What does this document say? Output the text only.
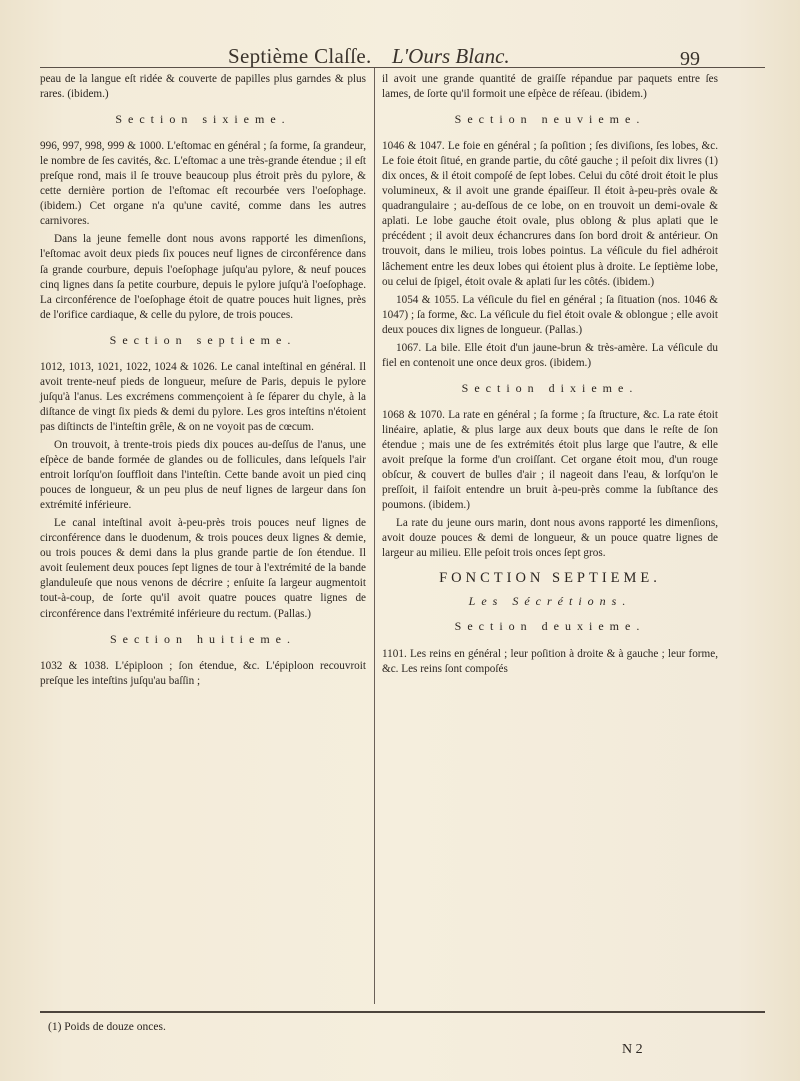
Septième Claſſe. L'Ours Blanc.	99

peau de la langue eſt ridée & couverte de papilles plus garndes & plus rares. (ibidem.)

Section sixieme.

996, 997, 998, 999 & 1000. L'eſtomac en général ; ſa forme, ſa grandeur, le nombre de ſes cavités, &c. L'eſtomac a une très-grande étendue ; il eſt preſque rond, mais il ſe trouve beaucoup plus étroit près du pylore, & cette dernière portion de l'eſtomac eſt recourbée vers l'oeſophage. (ibidem.) Cet organe n'a qu'une cavité, comme dans les autres carnivores.

Dans la jeune femelle dont nous avons rapporté les dimenſions, l'eſtomac avoit deux pieds ſix pouces neuf lignes de circonférence dans ſa grande courbure, depuis l'oeſophage juſqu'au pylore, & neuf pouces cinq lignes dans ſa petite courbure, depuis le pylore juſqu'à l'oeſophage. La circonférence de l'oeſophage étoit de quatre pouces huit lignes, près de l'orifice cardiaque, & celle du pylore, de trois pouces.

Section septieme.

1012, 1013, 1021, 1022, 1024 & 1026. Le canal inteſtinal en général. Il avoit trente-neuf pieds de longueur, meſure de Paris, depuis le pylore juſqu'à l'anus. Les excrémens commençoient à ſe ſéparer du chyle, à la diſtance de vingt ſix pieds & demi du pylore. Les gros inteſtins n'étoient pas diſtincts de l'inteſtin grêle, & on ne voyoit pas de cœcum.

On trouvoit, à trente-trois pieds dix pouces au-deſſus de l'anus, une eſpèce de bande formée de glandes ou de follicules, dans leſquels l'air entroit lorſqu'on ſouffloit dans l'inteſtin. Cette bande avoit un pied cinq pouces de longueur, & un peu plus de neuf lignes de largeur dans ſon extrémité inférieure.

Le canal inteſtinal avoit à-peu-près trois pouces neuf lignes de circonférence dans le duodenum, & trois pouces deux lignes & demie, ou trois pouces & demi dans la plus grande partie de ſon étendue. Il avoit ſeulement deux pouces ſept lignes de tour à l'extrémité de la bande glanduleuſe que nous venons de décrire ; enſuite ſa largeur augmentoit tout-à-coup, de ſorte qu'il avoit quatre pouces quatre lignes de circonférence dans l'extrémité inférieure du rectum. (Pallas.)

Section huitieme.

1032 & 1038. L'épiploon ; ſon étendue, &c. L'épiploon recouvroit preſque les inteſtins juſqu'au baſſin ;

il avoit une grande quantité de graiſſe répandue par paquets entre ſes lames, de ſorte qu'il formoit une eſpèce de réſeau. (ibidem.)

Section neuvieme.

1046 & 1047. Le foie en général ; ſa poſition ; ſes diviſions, ſes lobes, &c. Le foie étoit ſitué, en grande partie, du côté gauche ; il peſoit dix livres (1) dix onces, & il étoit compoſé de ſept lobes. Celui du côté droit étoit le plus volumineux, & il avoit une grande épaiſſeur. Il étoit à-peu-près ovale & quadrangulaire ; au-deſſous de ce lobe, on en trouvoit un demi-ovale & aplati. Le lobe gauche étoit ovale, plus oblong & plus aplati que le précédent ; il avoit deux échancrures dans ſon bord droit & antérieur. On trouvoit, dans le milieu, trois lobes pointus. La véſicule du fiel adhéroit lâchement entre les deux lobes qui étoient plus à droite. Le ſeptième lobe, ou celui de ſpigel, étoit ovale & aplati ſur les côtés. (ibidem.)

1054 & 1055. La véſicule du fiel en général ; ſa ſituation (nos. 1046 & 1047) ; ſa forme, &c. La véſicule du fiel étoit ovale & oblongue ; elle avoit deux pouces dix lignes de longueur. (Pallas.)

1067. La bile. Elle étoit d'un jaune-brun & très-amère. La véſicule du fiel en contenoit une once deux gros. (ibidem.)

Section dixieme.

1068 & 1070. La rate en général ; ſa forme ; ſa ſtructure, &c. La rate étoit linéaire, aplatie, & plus large aux deux bouts que dans le reſte de ſon étendue ; mais une de ſes extrémités étoit plus large que l'autre, & elle avoit preſque la forme d'un croiſſant. Cet organe étoit mou, d'un rouge obſcur, & couvert de bulles d'air ; il nageoit dans l'eau, & lorſqu'on le preſſoit, il faiſoit entendre un bruit à-peu-près comme la ſubſtance des poumons. (ibidem.)

La rate du jeune ours marin, dont nous avons rapporté les dimenſions, avoit douze pouces & demi de longueur, & un pouce quatre lignes de largeur au milieu. Elle peſoit trois onces ſept gros.

FONCTION SEPTIEME.

Les Sécrétions.

Section deuxieme.

1101. Les reins en général ; leur poſition à droite & à gauche ; leur forme, &c. Les reins ſont compoſés

(1) Poids de douze onces.
N 2
